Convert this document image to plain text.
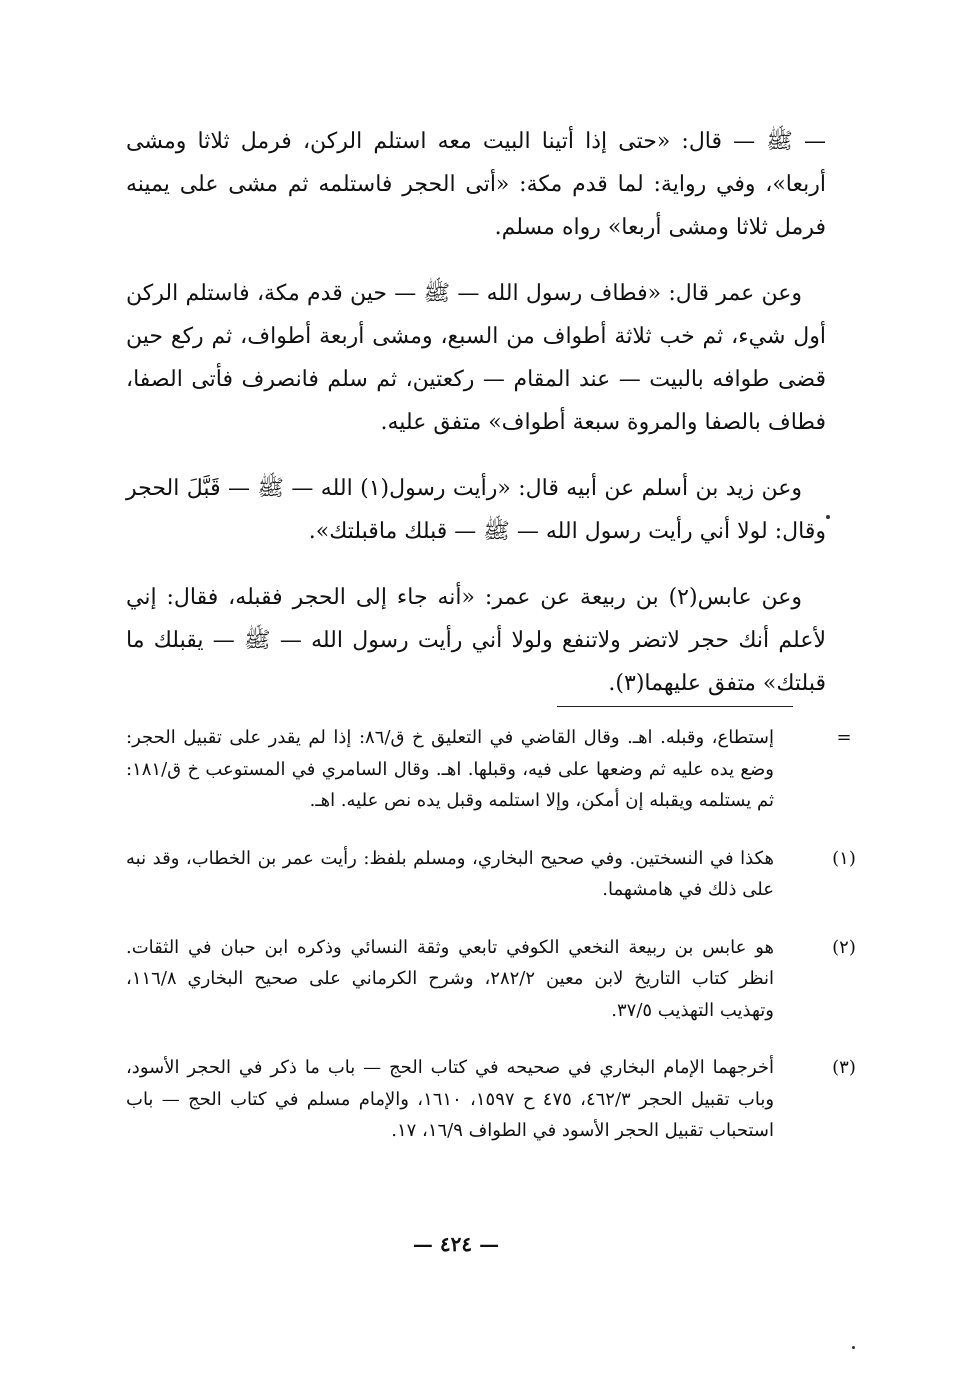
— ﷺ — قال: «حتى إذا أتينا البيت معه استلم الركن، فرمل ثلاثا ومشى أربعا»، وفي رواية: لما قدم مكة: «أتى الحجر فاستلمه ثم مشى على يمينه فرمل ثلاثا ومشى أربعا» رواه مسلم.

وعن عمر قال: «فطاف رسول الله — ﷺ — حين قدم مكة، فاستلم الركن أول شيء، ثم خب ثلاثة أطواف من السبع، ومشى أربعة أطواف، ثم ركع حين قضى طوافه بالبيت — عند المقام — ركعتين، ثم سلم فانصرف فأتى الصفا، فطاف بالصفا والمروة سبعة أطواف» متفق عليه.

وعن زيد بن أسلم عن أبيه قال: «رأيت رسول(١) الله — ﷺ — قَبَّلَ الحجر وقال: لولا أني رأيت رسول الله — ﷺ — قبلك ماقبلتك».

وعن عابس(٢) بن ربيعة عن عمر: «أنه جاء إلى الحجر فقبله، فقال: إني لأعلم أنك حجر لاتضر ولاتنفع ولولا أني رأيت رسول الله — ﷺ — يقبلك ما قبلتك» متفق عليهما(٣).

=
إستطاع، وقبله. اهـ. وقال القاضي في التعليق خ ق/٨٦: إذا لم يقدر على تقبيل الحجر: وضع يده عليه ثم وضعها على فيه، وقبلها. اهـ. وقال السامري في المستوعب خ ق/١٨١: ثم يستلمه ويقبله إن أمكن، وإلا استلمه وقبل يده نص عليه. اهـ.
(١)
هكذا في النسختين. وفي صحيح البخاري، ومسلم بلفظ: رأيت عمر بن الخطاب، وقد نبه على ذلك في هامشهما.
(٢)
هو عابس بن ربيعة النخعي الكوفي تابعي وثقة النسائي وذكره ابن حبان في الثقات. انظر كتاب التاريخ لابن معين ٢٨٢/٢، وشرح الكرماني على صحيح البخاري ١١٦/٨، وتهذيب التهذيب ٣٧/٥.
(٣)
أخرجهما الإمام البخاري في صحيحه في كتاب الحج — باب ما ذكر في الحجر الأسود، وباب تقبيل الحجر ٤٦٢/٣، ٤٧٥ ح ١٥٩٧، ١٦١٠، والإمام مسلم في كتاب الحج — باب استحباب تقبيل الحجر الأسود في الطواف ١٦/٩، ١٧.
— ٤٢٤ —
